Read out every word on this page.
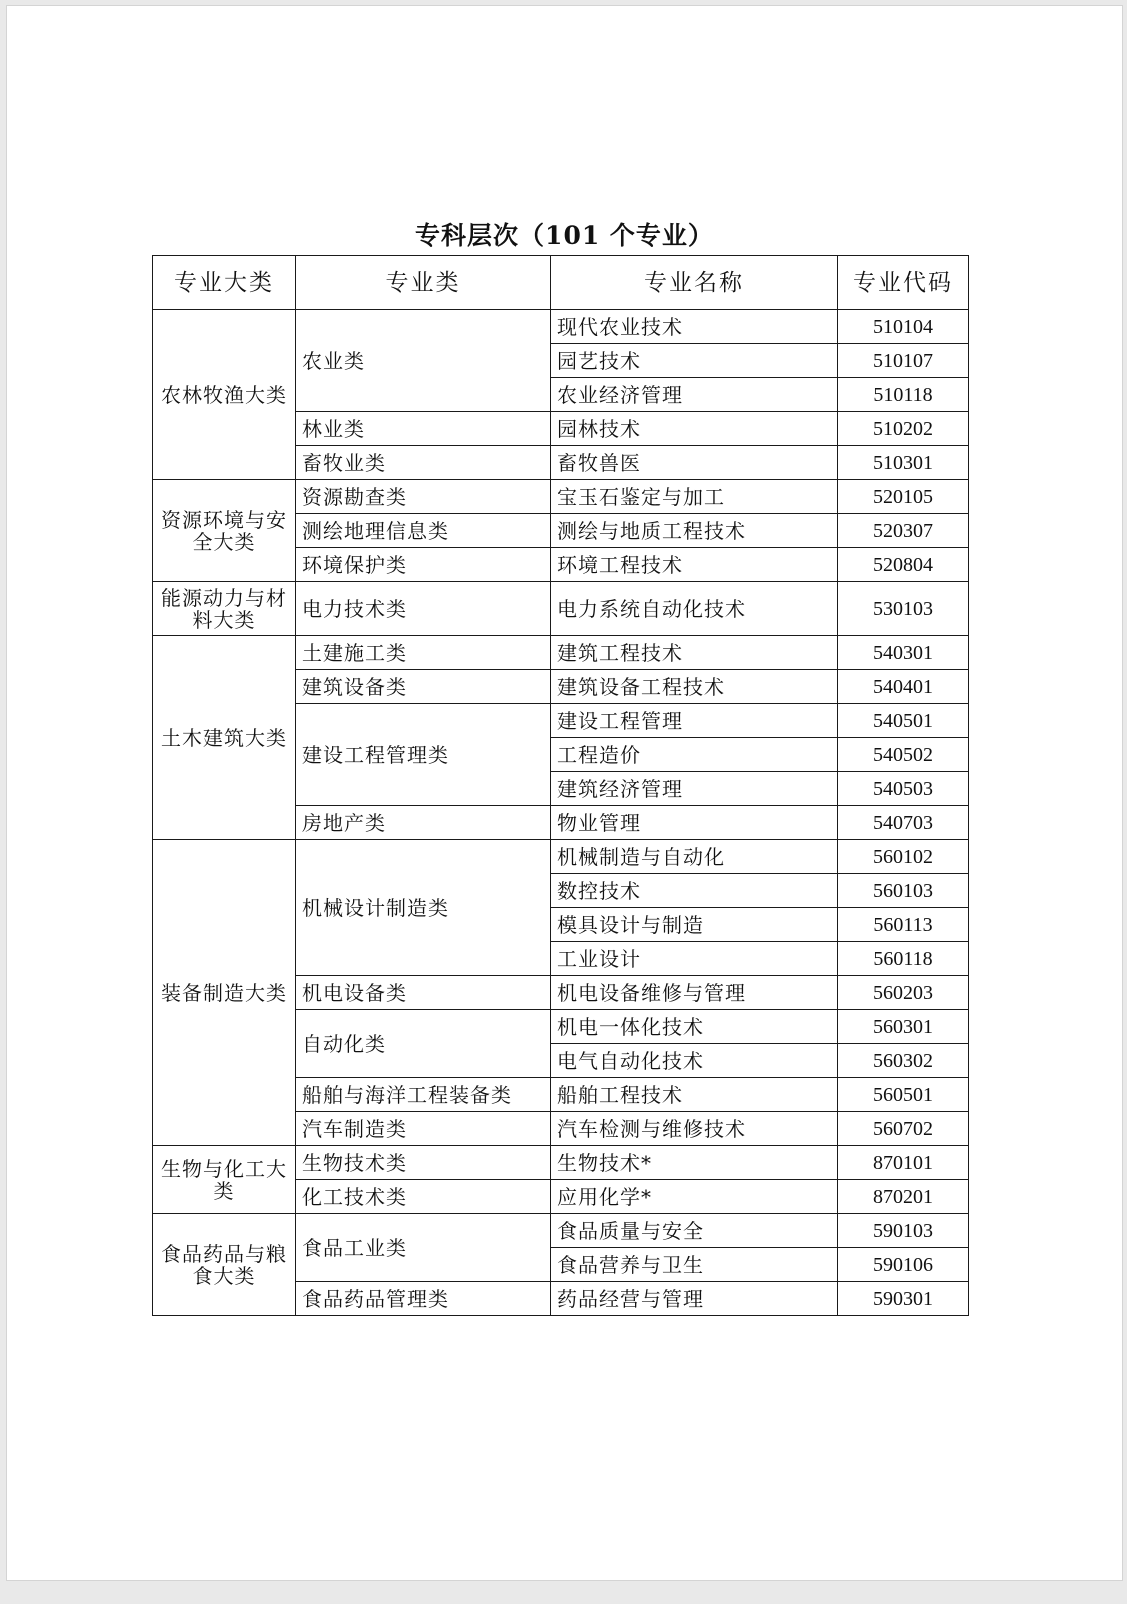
专科层次（101 个专业）
专业大类	专业类	专业名称	专业代码
农林牧渔大类	农业类	现代农业技术	510104
		园艺技术	510107
		农业经济管理	510118
	林业类	园林技术	510202
	畜牧业类	畜牧兽医	510301
资源环境与安全大类	资源勘查类	宝玉石鉴定与加工	520105
	测绘地理信息类	测绘与地质工程技术	520307
	环境保护类	环境工程技术	520804
能源动力与材料大类	电力技术类	电力系统自动化技术	530103
土木建筑大类	土建施工类	建筑工程技术	540301
	建筑设备类	建筑设备工程技术	540401
	建设工程管理类	建设工程管理	540501
		工程造价	540502
		建筑经济管理	540503
	房地产类	物业管理	540703
装备制造大类	机械设计制造类	机械制造与自动化	560102
		数控技术	560103
		模具设计与制造	560113
		工业设计	560118
	机电设备类	机电设备维修与管理	560203
	自动化类	机电一体化技术	560301
		电气自动化技术	560302
	船舶与海洋工程装备类	船舶工程技术	560501
	汽车制造类	汽车检测与维修技术	560702
生物与化工大类	生物技术类	生物技术*	870101
	化工技术类	应用化学*	870201
食品药品与粮食大类	食品工业类	食品质量与安全	590103
		食品营养与卫生	590106
	食品药品管理类	药品经营与管理	590301
